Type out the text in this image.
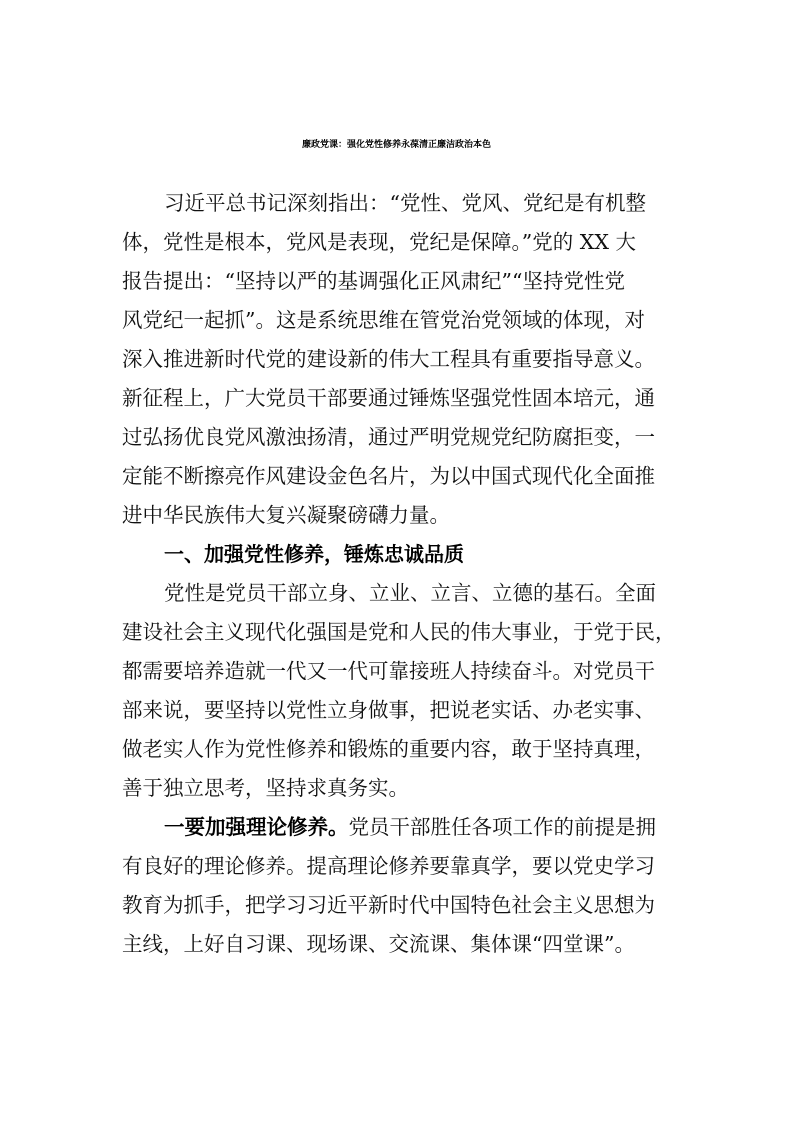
廉政党课：强化党性修养永葆清正廉洁政治本色
习近平总书记深刻指出：“党性、党风、党纪是有机整
体，党性是根本，党风是表现，党纪是保障。”党的 XX 大
报告提出：“坚持以严的基调强化正风肃纪”“坚持党性党
风党纪一起抓”。这是系统思维在管党治党领域的体现，对
深入推进新时代党的建设新的伟大工程具有重要指导意义。
新征程上，广大党员干部要通过锤炼坚强党性固本培元，通
过弘扬优良党风激浊扬清，通过严明党规党纪防腐拒变，一
定能不断擦亮作风建设金色名片，为以中国式现代化全面推
进中华民族伟大复兴凝聚磅礴力量。
一、加强党性修养，锤炼忠诚品质
党性是党员干部立身、立业、立言、立德的基石。全面
建设社会主义现代化强国是党和人民的伟大事业，于党于民，
都需要培养造就一代又一代可靠接班人持续奋斗。对党员干
部来说，要坚持以党性立身做事，把说老实话、办老实事、
做老实人作为党性修养和锻炼的重要内容，敢于坚持真理，
善于独立思考，坚持求真务实。
一要加强理论修养。党员干部胜任各项工作的前提是拥
有良好的理论修养。提高理论修养要靠真学，要以党史学习
教育为抓手，把学习习近平新时代中国特色社会主义思想为
主线，上好自习课、现场课、交流课、集体课“四堂课”。
